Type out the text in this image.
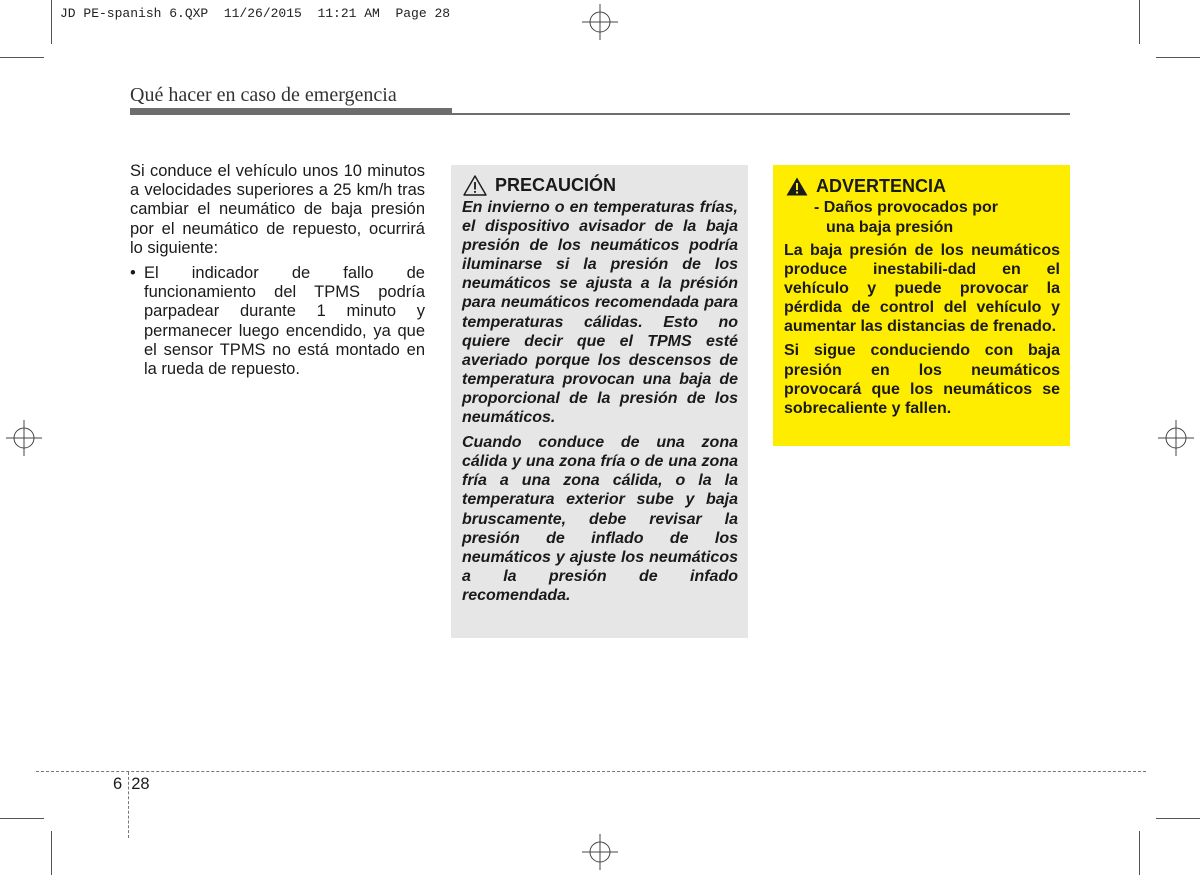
JD PE-spanish 6.QXP  11/26/2015  11:21 AM  Page 28
Qué hacer en caso de emergencia

Si conduce el vehículo unos 10 minutos a velocidades superiores a 25 km/h tras cambiar el neumático de baja presión por el neumático de repuesto, ocurrirá lo siguiente:

• El indicador de fallo de funcionamiento del TPMS podría parpadear durante 1 minuto y permanecer luego encendido, ya que el sensor TPMS no está montado en la rueda de repuesto.
PRECAUCIÓN

En invierno o en temperaturas frías, el dispositivo avisador de la baja presión de los neumáticos podría iluminarse si la presión de los neumáticos se ajusta a la présión para neumáticos recomendada para temperaturas cálidas. Esto no quiere decir que el TPMS esté averiado porque los descensos de temperatura provocan una baja de proporcional de la presión de los neumáticos.

Cuando conduce de una zona cálida y una zona fría o de una zona fría a una zona cálida, o la la temperatura exterior sube y baja bruscamente, debe revisar la presión de inflado de los neumáticos y ajuste los neumáticos a la presión de infado recomendada.

ADVERTENCIA
- Daños provocados por
una baja presión

La baja presión de los neumáticos produce inestabili-dad en el vehículo y puede provocar la pérdida de control del vehículo y aumentar las distancias de frenado.

Si sigue conduciendo con baja presión en los neumáticos provocará que los neumáticos se sobrecaliente y fallen.

6 28
